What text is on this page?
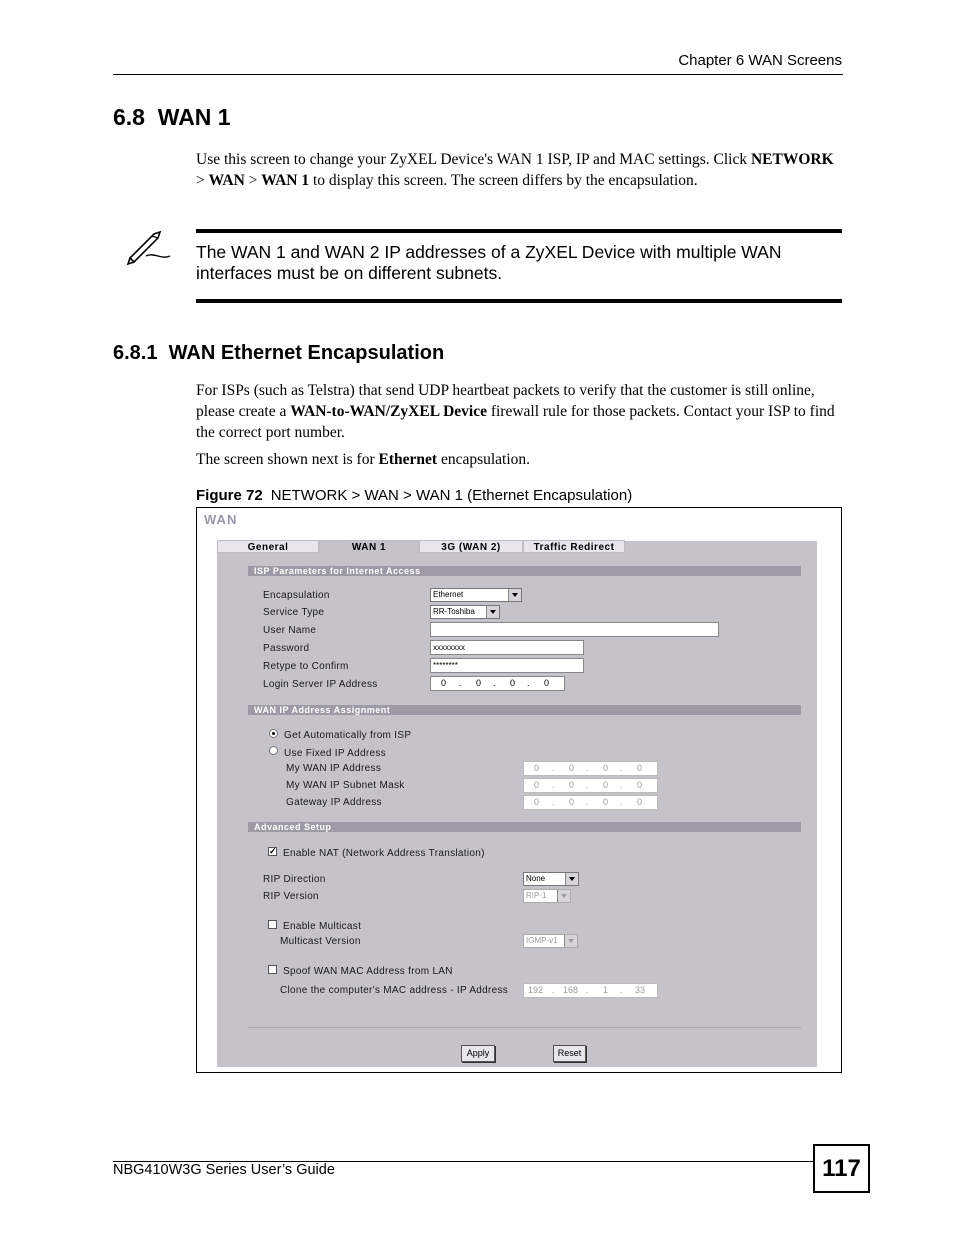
Chapter 6 WAN Screens
6.8  WAN 1
Use this screen to change your ZyXEL Device's WAN 1 ISP, IP and MAC settings. Click NETWORK > WAN > WAN 1 to display this screen. The screen differs by the encapsulation.
The WAN 1 and WAN 2 IP addresses of a ZyXEL Device with multiple WAN interfaces must be on different subnets.
6.8.1  WAN Ethernet Encapsulation
For ISPs (such as Telstra) that send UDP heartbeat packets to verify that the customer is still online, please create a WAN-to-WAN/ZyXEL Device firewall rule for those packets. Contact your ISP to find the correct port number.
The screen shown next is for Ethernet encapsulation.
Figure 72 NETWORK > WAN > WAN 1 (Ethernet Encapsulation)
WAN
General	WAN 1	3G (WAN 2)	Traffic Redirect
ISP Parameters for Internet Access
Encapsulation	Ethernet
Service Type	RR-Toshiba
User Name
Password	xxxxxxxx
Retype to Confirm	********
Login Server IP Address	0 . 0 . 0 . 0
WAN IP Address Assignment
Get Automatically from ISP
Use Fixed IP Address
My WAN IP Address	0 . 0 . 0 . 0
My WAN IP Subnet Mask	0 . 0 . 0 . 0
Gateway IP Address	0 . 0 . 0 . 0
Advanced Setup
✓ Enable NAT (Network Address Translation)
RIP Direction	None
RIP Version	RIP-1
Enable Multicast
Multicast Version	IGMP-v1
Spoof WAN MAC Address from LAN
Clone the computer's MAC address - IP Address 192 . 168 . 1 . 33
Apply	Reset
NBG410W3G Series User’s Guide	117
